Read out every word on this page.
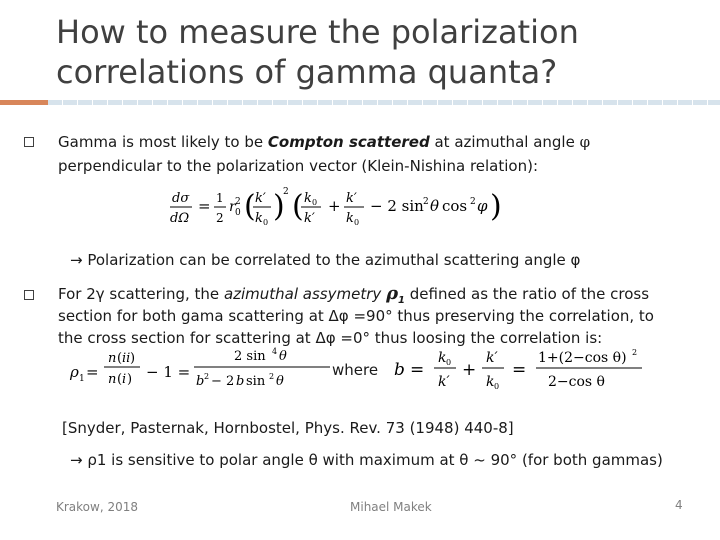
How to measure the polarization
correlations of gamma quanta?
Gamma is most likely to be Compton scattered at azimuthal angle φ
perpendicular to the polarization vector (Klein-Nishina relation):
dσ
dΩ
= 1
2
r 0
2 ( k′
k 0 )
2 ( k 0
k′
+ k′
k 0
− 2 sin 2 θ cos 2 φ )
→ Polarization can be correlated to the azimuthal scattering angle φ
For 2γ scattering, the azimuthal assymetry $\rho_1$ defined as the ratio of the cross
section for both gama scattering at Δφ =90° thus preserving the correlation, to
the cross section for scattering at Δφ =0° thus loosing the correlation is:
ρ 1 =
n ( ii )
n ( i ) − 1 =
2 sin 4 θ
b 2 − 2 b sin 2 θ
where b =
k 0
k′
+
k′
k 0
=
1+(2−cos θ) 2
2−cos θ
[Snyder, Pasternak, Hornbostel, Phys. Rev. 73 (1948) 440-8]
→ ρ1 is sensitive to polar angle θ with maximum at θ ~ 90° (for both gammas)
Krakow, 2018	Mihael Makek	4
